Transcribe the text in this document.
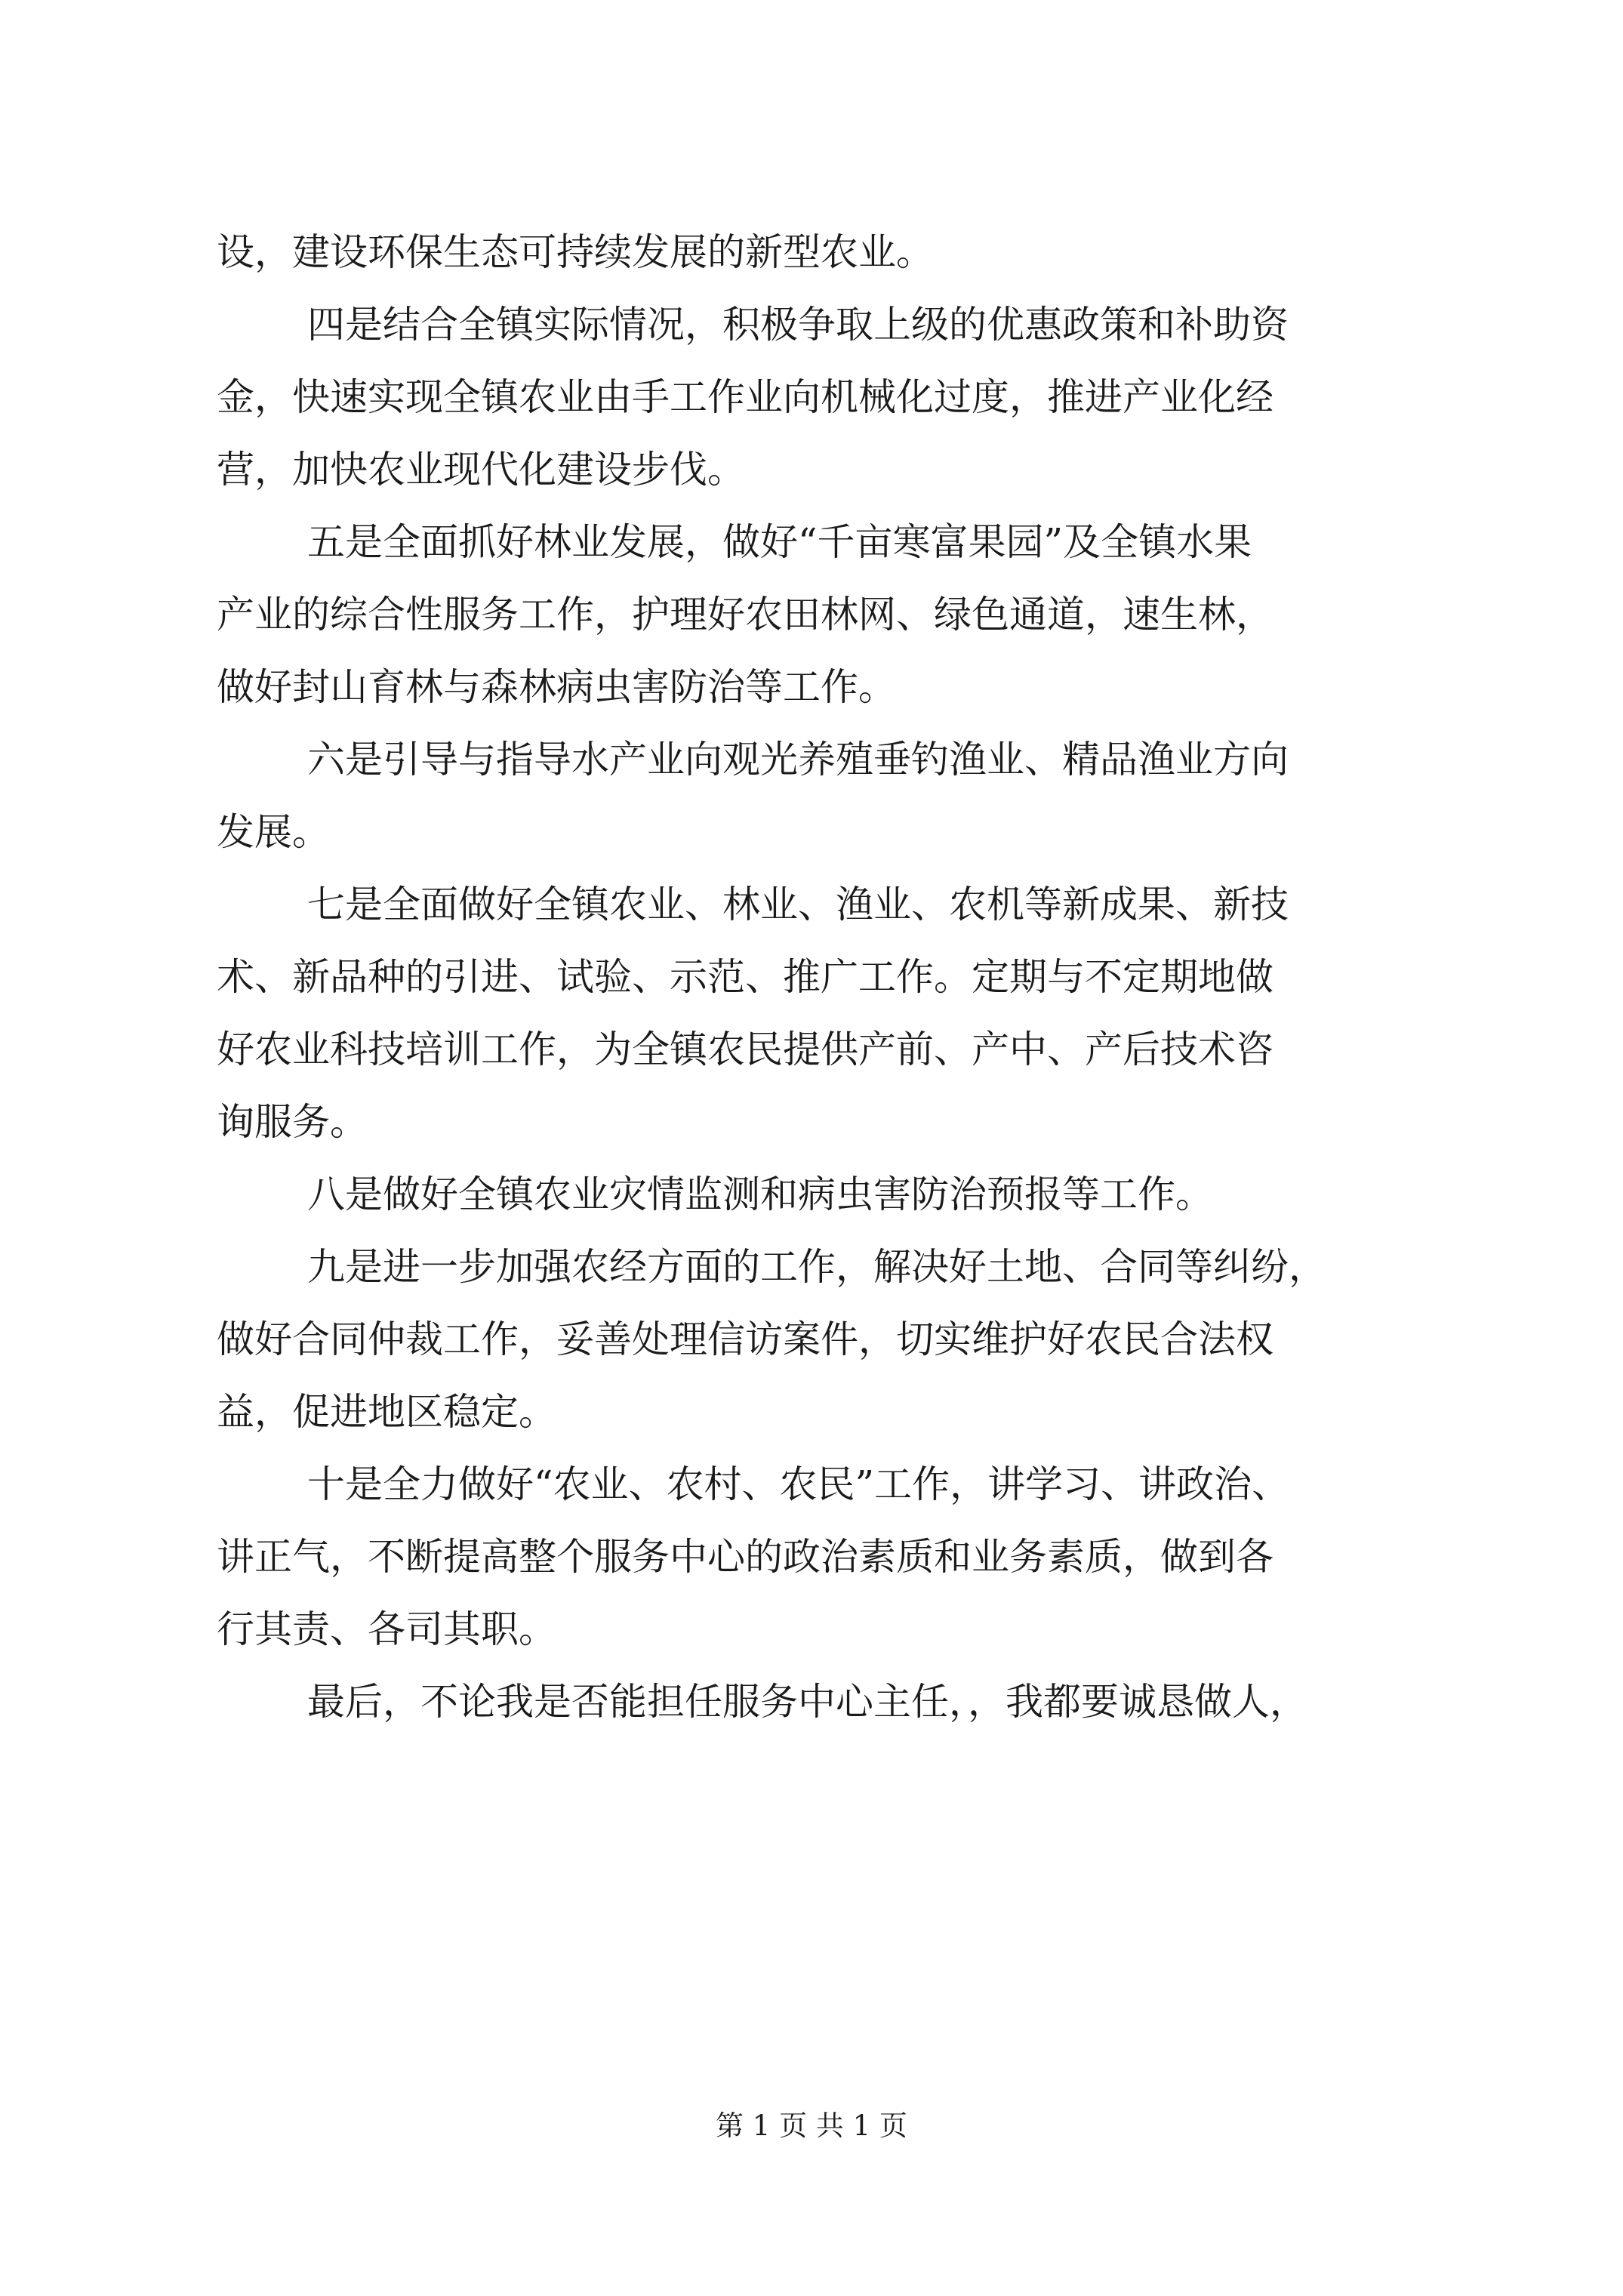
设，建设环保生态可持续发展的新型农业。
四是结合全镇实际情况，积极争取上级的优惠政策和补助资
金，快速实现全镇农业由手工作业向机械化过度，推进产业化经
营，加快农业现代化建设步伐。
五是全面抓好林业发展，做好“千亩寒富果园”及全镇水果
产业的综合性服务工作，护理好农田林网、绿色通道，速生林，
做好封山育林与森林病虫害防治等工作。
六是引导与指导水产业向观光养殖垂钓渔业、精品渔业方向
发展。
七是全面做好全镇农业、林业、渔业、农机等新成果、新技
术、新品种的引进、试验、示范、推广工作。定期与不定期地做
好农业科技培训工作，为全镇农民提供产前、产中、产后技术咨
询服务。
八是做好全镇农业灾情监测和病虫害防治预报等工作。
九是进一步加强农经方面的工作，解决好土地、合同等纠纷，
做好合同仲裁工作，妥善处理信访案件，切实维护好农民合法权
益，促进地区稳定。
十是全力做好“农业、农村、农民”工作，讲学习、讲政治、
讲正气，不断提高整个服务中心的政治素质和业务素质，做到各
行其责、各司其职。
最后，不论我是否能担任服务中心主任，，我都要诚恳做人，
第 1 页 共 1 页
